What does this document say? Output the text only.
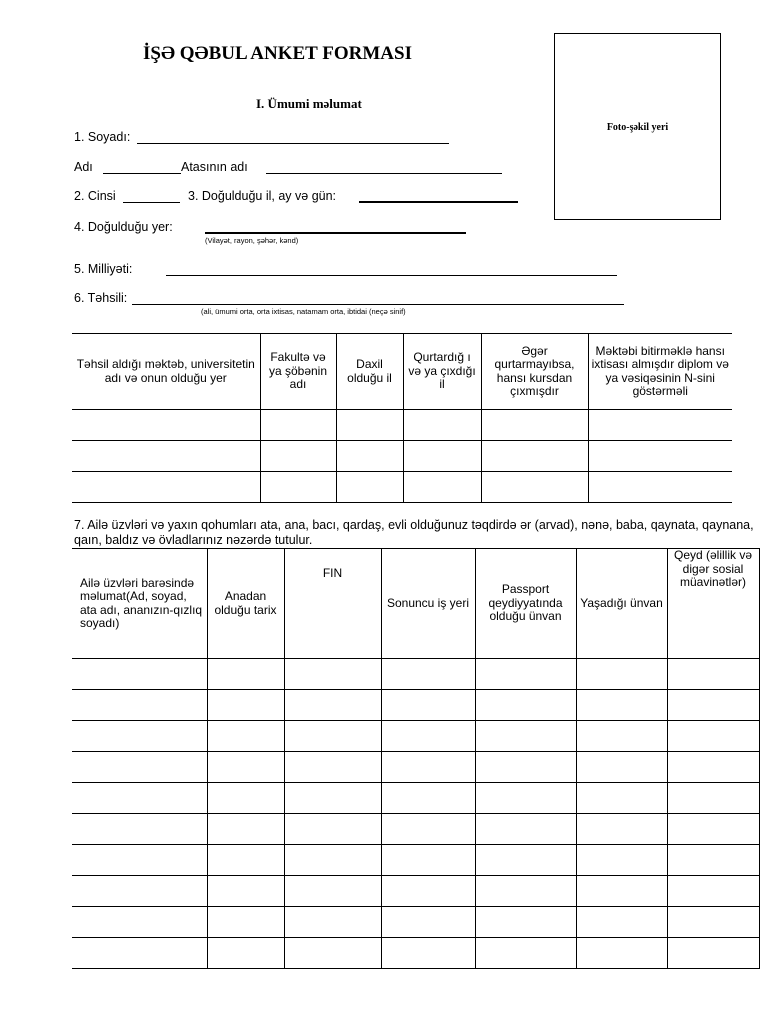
İŞƏ QƏBUL ANKET FORMASI
I. Ümumi məlumat
Foto-şəkil yeri
1. Soyadı:
Adı	Atasının adı
2. Cinsi	3. Doğulduğu il, ay və gün:
4. Doğulduğu yer:
(Vilayət, rayon, şəhər, kənd)
5. Milliyəti:
6. Təhsili:
(ali, ümumi orta, orta ixtisas, natamam orta, ibtidai (neçə sinif)
Təhsil aldığı məktəb, universitetin adı və onun olduğu yer	Fakultə və ya şöbənin adı	Daxil olduğu il	Qurtardığ ı və ya çıxdığı il	Əgər qurtarmayıbsa, hansı kursdan çıxmışdır	Məktəbi bitirməklə hansı ixtisası almışdır diplom və ya vəsiqəsinin N-sini göstərməli

7. Ailə üzvləri və yaxın qohumları ata, ana, bacı, qardaş, evli olduğunuz təqdirdə ər (arvad), nənə, baba, qaynata, qaynana, qaın, baldız və övladlarınız nəzərdə tutulur.
Ailə üzvləri barəsində məlumat(Ad, soyad, ata adı, ananızın-qızlıq soyadı)	Anadan olduğu tarix	FIN	Sonuncu iş yeri	Passport qeydiyyatında olduğu ünvan	Yaşadığı ünvan	Qeyd (əlillik və digər sosial müavinətlər)
